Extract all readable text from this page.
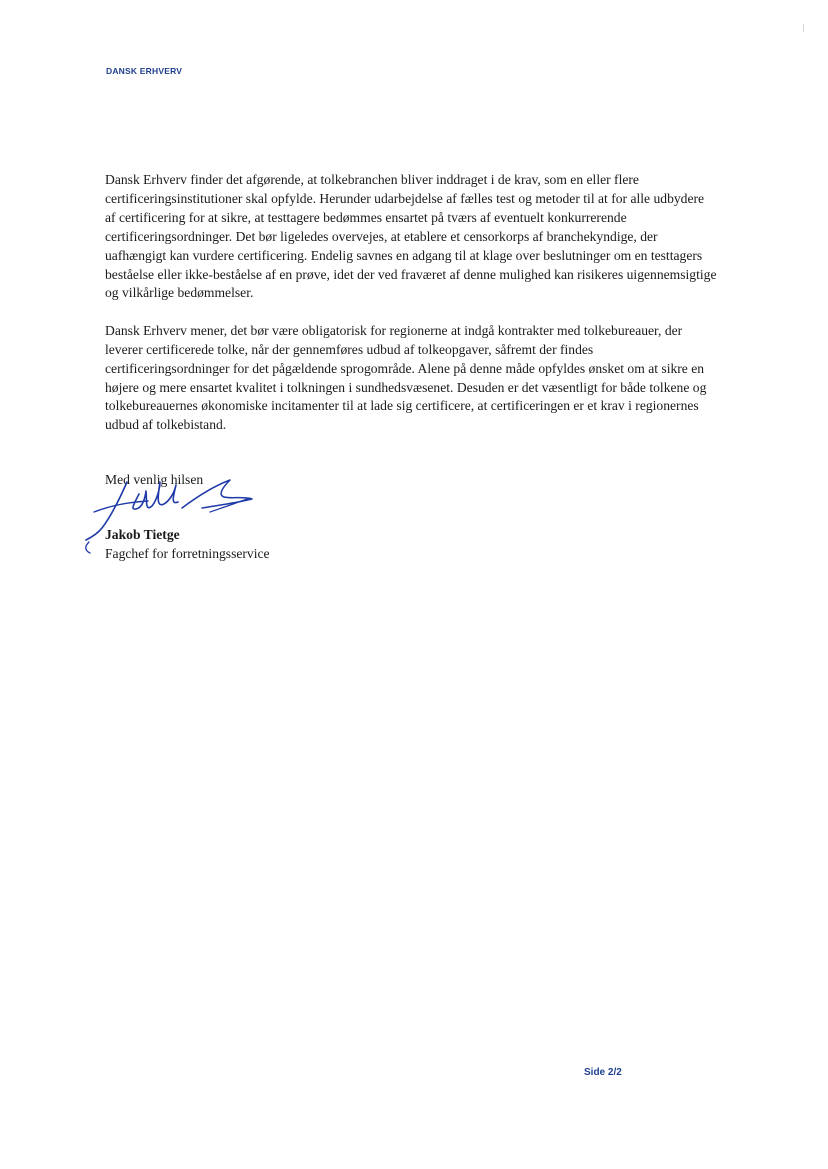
DANSK ERHVERV

Dansk Erhverv finder det afgørende, at tolkebranchen bliver inddraget i de krav, som en eller flere certificeringsinstitutioner skal opfylde. Herunder udarbejdelse af fælles test og metoder til at for alle udbydere af certificering for at sikre, at testtagere bedømmes ensartet på tværs af eventuelt konkurrerende certificeringsordninger. Det bør ligeledes overvejes, at etablere et censorkorps af branchekyndige, der uafhængigt kan vurdere certificering. Endelig savnes en adgang til at klage over beslutninger om en testtagers beståelse eller ikke-beståelse af en prøve, idet der ved fraværet af denne mulighed kan risikeres uigennemsigtige og vilkårlige bedømmelser.

Dansk Erhverv mener, det bør være obligatorisk for regionerne at indgå kontrakter med tolkebureauer, der leverer certificerede tolke, når der gennemføres udbud af tolkeopgaver, såfremt der findes certificeringsordninger for det pågældende sprogområde. Alene på denne måde opfyldes ønsket om at sikre en højere og mere ensartet kvalitet i tolkningen i sundhedsvæsenet. Desuden er det væsentligt for både tolkene og tolkebureauernes økonomiske incitamenter til at lade sig certificere, at certificeringen er et krav i regionernes udbud af tolkebistand.

Med venlig hilsen
Jakob Tietge
Fagchef for forretningsservice
Side 2/2
